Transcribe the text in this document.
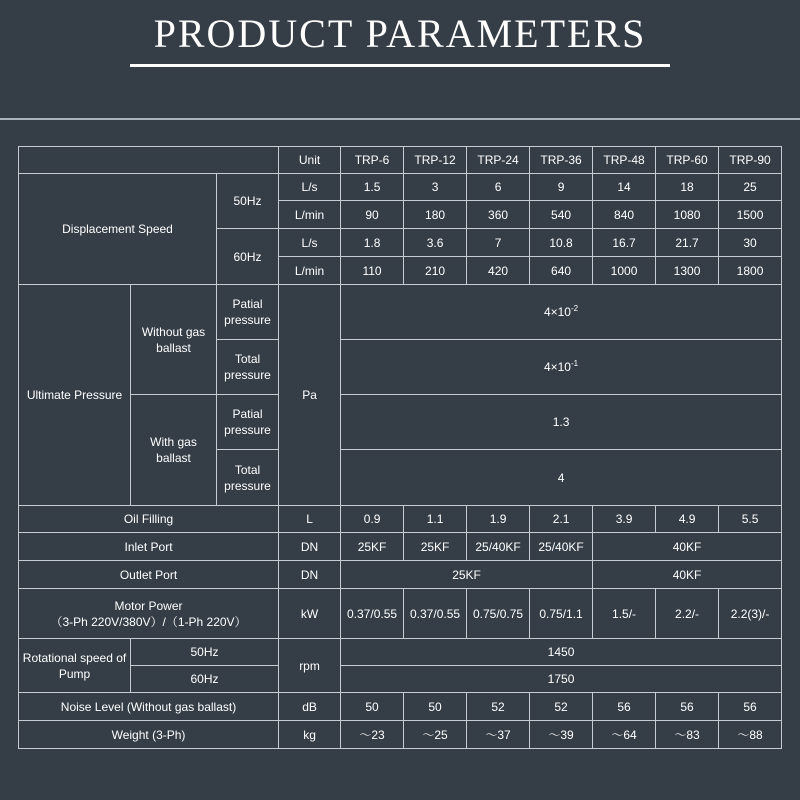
PRODUCT PARAMETERS
			Unit	TRP-6	TRP-12	TRP-24	TRP-36	TRP-48	TRP-60	TRP-90
Displacement Speed		50Hz	L/s	1.5	3	6	9	14	18	25
			L/min	90	180	360	540	840	1080	1500
		60Hz	L/s	1.8	3.6	7	10.8	16.7	21.7	30
			L/min	110	210	420	640	1000	1300	1800
Ultimate Pressure	Without gas ballast	Patial pressure	Pa	$4\times 10^{-2}$
		Total pressure		$4\times 10^{-1}$
	With gas ballast	Patial pressure		1.3						
		Total pressure		4						
Oil Filling			L	0.9	1.1	1.9	2.1	3.9	4.9	5.5
Inlet Port			DN	25KF	25KF	25/40KF	25/40KF	40KF		
Outlet Port			DN	25KF				40KF		
Motor Power
（3-Ph 220V/380V）/（1-Ph 220V）			kW	0.37/0.55	0.37/0.55	0.75/0.75	0.75/1.1	1.5/-	2.2/-	2.2(3)/-
Rotational speed of Pump	50Hz		rpm	1450						
	60Hz			1750						
Noise Level (Without gas ballast)			dB	50	50	52	52	56	56	56
Weight (3-Ph)			kg	～23	～25	～37	～39	～64	～83	～88
